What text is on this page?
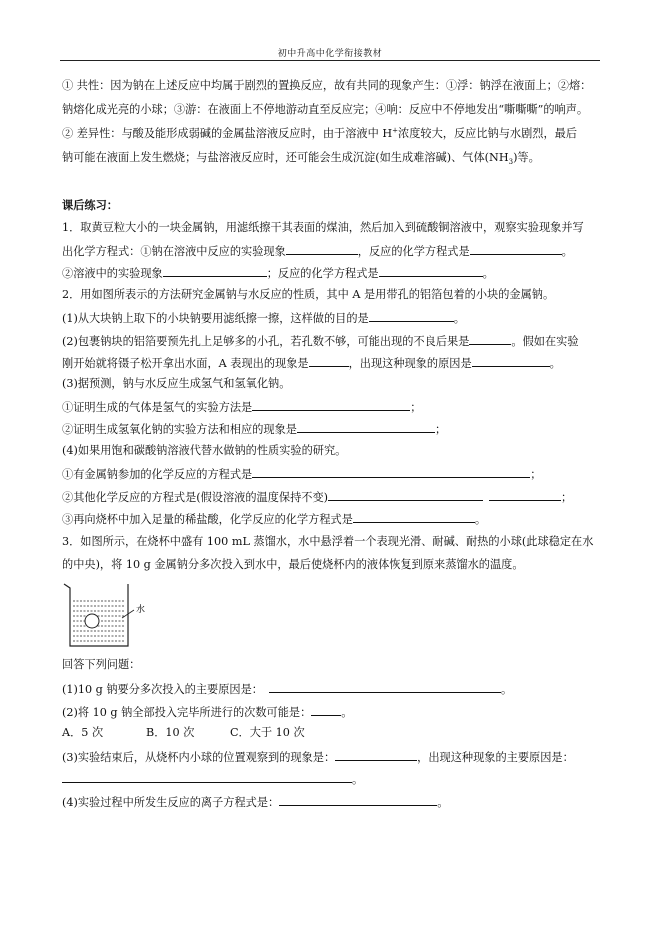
初中升高中化学衔接教材
① 共性：因为钠在上述反应中均属于剧烈的置换反应，故有共同的现象产生：①浮：钠浮在液面上；②熔：
钠熔化成光亮的小球；③游：在液面上不停地游动直至反应完；④响：反应中不停地发出“嘶嘶嘶”的响声。
② 差异性：与酸及能形成弱碱的金属盐溶液反应时，由于溶液中 H+浓度较大，反应比钠与水剧烈，最后
钠可能在液面上发生燃烧；与盐溶液反应时，还可能会生成沉淀(如生成难溶碱)、气体$(NH_3)$等。
课后练习：
1．取黄豆粒大小的一块金属钠，用滤纸擦干其表面的煤油，然后加入到硫酸铜溶液中，观察实验现象并写
出化学方程式：①钠在溶液中反应的实验现象	，反应的化学方程式是	。
②溶液中的实验现象	；反应的化学方程式是	。
2．用如图所表示的方法研究金属钠与水反应的性质，其中 A 是用带孔的铝箔包着的小块的金属钠。
(1)从大块钠上取下的小块钠要用滤纸擦一擦，这样做的目的是	。
(2)包裹钠块的铝箔要预先扎上足够多的小孔，若孔数不够，可能出现的不良后果是	。假如在实验
刚开始就将镊子松开拿出水面，A 表现出的现象是	，出现这种现象的原因是	。
(3)据预测，钠与水反应生成氢气和氢氧化钠。
①证明生成的气体是氢气的实验方法是	；
②证明生成氢氧化钠的实验方法和相应的现象是	；
(4)如果用饱和碳酸钠溶液代替水做钠的性质实验的研究。
①有金属钠参加的化学反应的方程式是	；
②其他化学反应的方程式是(假设溶液的温度保持不变)	；
③再向烧杯中加入足量的稀盐酸，化学反应的化学方程式是	。
3．如图所示，在烧杯中盛有 100 mL 蒸馏水，水中悬浮着一个表现光滑、耐碱、耐热的小球(此球稳定在水
的中央)，将 10 g 金属钠分多次投入到水中，最后使烧杯内的液体恢复到原来蒸馏水的温度。
水
回答下列问题：
(1)10 g 钠要分多次投入的主要原因是：	。
(2)将 10 g 钠全部投入完毕所进行的次数可能是：	。
A．5 次	B．10 次	C．大于 10 次
(3)实验结束后，从烧杯内小球的位置观察到的现象是：	，出现这种现象的主要原因是：
。
(4)实验过程中所发生反应的离子方程式是：	。
